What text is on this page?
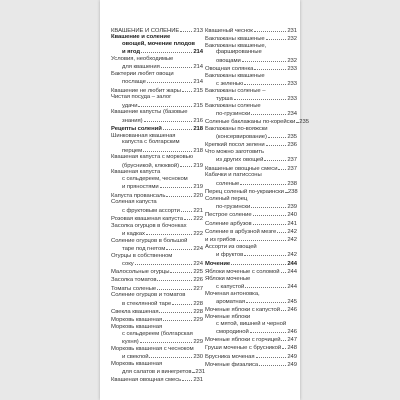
КВАШЕНИЕ И СОЛЕНИЕ 213
Квашение и соление
овощей, мочение плодов
и ягод	214
Условия, необходимые
для квашения	214
Бактерии любят овощи
послаще	214
Квашение не любит жары 215
Чистая посуда – залог
удачи	215
Квашение капусты (базовые
знания)	216
Рецепты солений	218
Шинкованная квашеная
капуста с болгарским
перцем	218
Квашеная капуста с морковью
(брусникой, клюквой) 219
Квашеная капуста
с сельдереем, чесноком
и пряностями	219
Капуста провансаль	220
Соленая капуста
с фруктовым ассорти 221
Розовая квашеная капуста 222
Засолка огурцов в бочонках
и кадках	222
Соление огурцов в большой
таре под гнетом	224
Огурцы в собственном
соку	224
Малосольные огурцы	225
Засолка томатов	226
Томаты соленые	227
Соление огурцов и томатов
в стеклянной таре	228
Свекла квашеная	228
Морковь квашеная	229
Морковь квашеная
с сельдереем (болгарская
кухня)	229
Морковь квашеная с чесноком
и свеклой	230
Морковь квашеная
для салатов и винегретов 231
Квашеная овощная смесь 231
Квашеный чеснок	231
Баклажаны квашеные	232
Баклажаны квашеные,
фаршированные
овощами	232
Овощная солянка	233
Баклажаны квашеные
с зеленью	233
Баклажаны соленые –
турша	233
Баклажаны соленые
по-грузински	234
Соленые баклажаны по-корейски 235
Баклажаны по-вояжски
(консервирование)	235
Крепкий посол зелени	236
Что можно заготовить
из других овощей	237
Квашеные овощные смеси 237
Кабачки и патиссоны
соленые	238
Перец соленый по-украински 238
Соленый перец
по-грузински	239
Пестрое соление	240
Соление арбузов	241
Соление в арбузной мезге 242
и из грибов	242
Ассорти из овощей
и фруктов	242
Мочение	244
Яблоки моченые с соломой 244
Яблоки моченые
с капустой	244
Моченая антоновка,
ароматная	245
Моченые яблоки с капустой 246
Моченые яблоки
с мятой, вишней и черной
смородиной	246
Моченые яблоки с горчицей 247
Груши моченые с брусникой 248
Брусника моченая	249
Моченые физалиса	249
